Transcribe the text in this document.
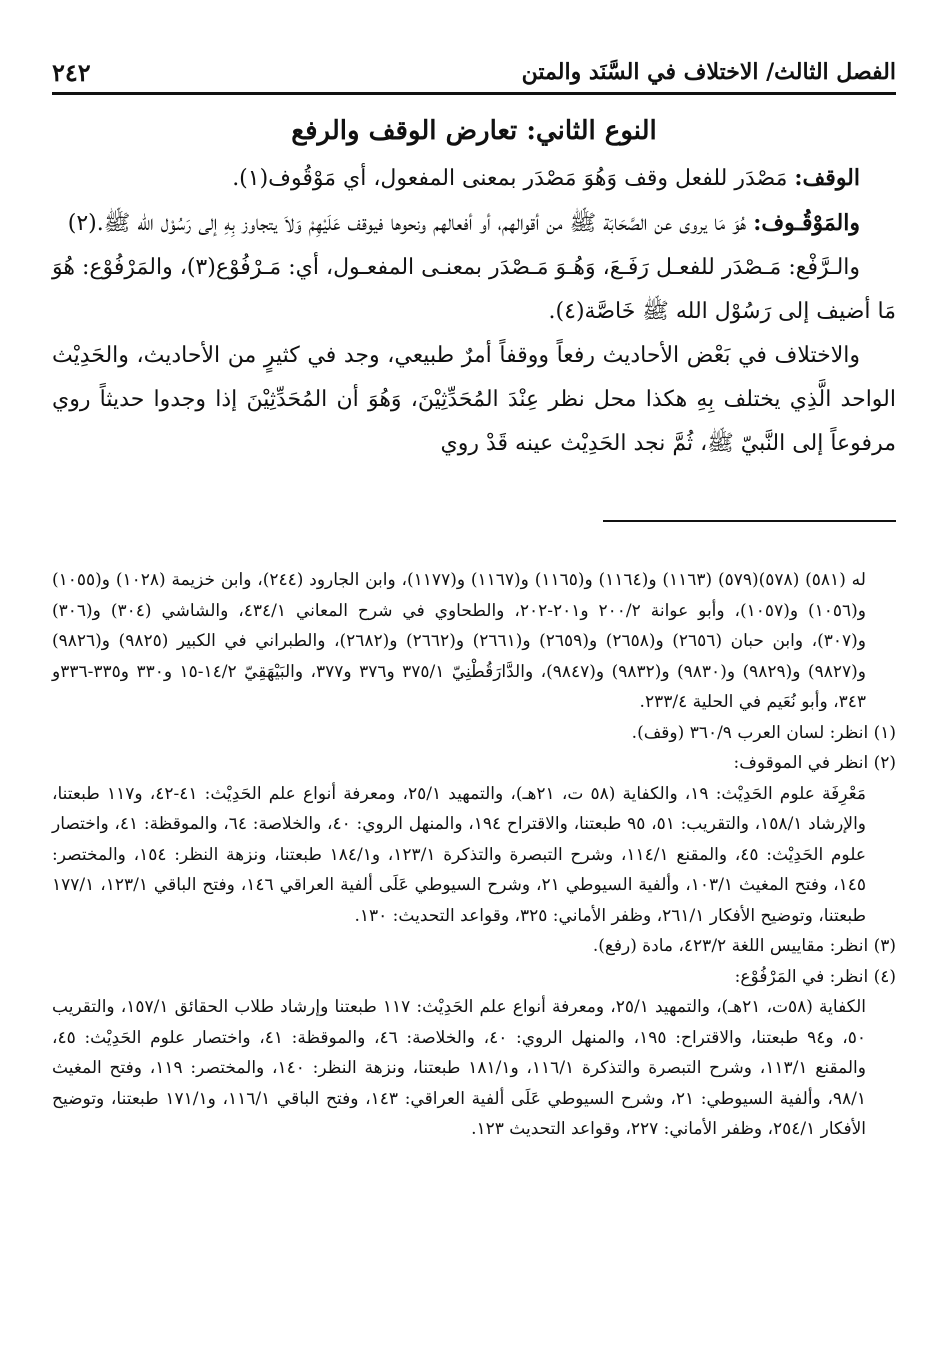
الفصل الثالث/ الاختلاف في السَّنَد والمتن
٢٤٢

النوع الثاني: تعارض الوقف والرفع

الوقف: مَصْدَر للفعل وقف وَهُوَ مَصْدَر بمعنى المفعول، أي مَوْقُوف(١).

والمَوْقُـوف: هُوَ مَا يروى عن الصَّحَابَة ﷺ من أقوالهم، أو أفعالهم ونحوها فيوقف عَلَيْهِمْ وَلاَ يتجاوز بِهِ إلى رَسُوْل الله ﷺ.(٢)

والـرَّفْع: مَـصْدَر للفعـل رَفَـعَ، وَهُـوَ مَـصْدَر بمعنـى المفعـول، أي: مَـرْفُوْع(٣)، والمَرْفُوْع: هُوَ مَا أضيف إلى رَسُوْل الله ﷺ خَاصَّة(٤).

والاختلاف في بَعْض الأحاديث رفعاً ووقفاً أمرٌ طبيعي، وجد في كثيرٍ من الأحاديث، والحَدِيْث الواحد الَّذِي يختلف بِهِ هكذا محل نظر عِنْدَ المُحَدِّثِيْنَ، وَهُوَ أن المُحَدِّثِيْنَ إذا وجدوا حديثاً روي مرفوعاً إلى النَّبيّ ﷺ، ثُمَّ نجد الحَدِيْث عينه قَدْ روي

له (٥٨١) (٥٧٨)(٥٧٩) (١١٦٣) و(١١٦٤) و(١١٦٥) و(١١٦٧) و(١١٧٧)، وابن الجارود (٢٤٤)، وابن خزيمة (١٠٢٨) و(١٠٥٥) و(١٠٥٦) و(١٠٥٧)، وأبو عوانة ٢٠٠/٢ و٢٠١-٢٠٢، والطحاوي في شرح المعاني ٤٣٤/١، والشاشي (٣٠٤) و(٣٠٦) و(٣٠٧)، وابن حبان (٢٦٥٦) و(٢٦٥٨) و(٢٦٥٩) و(٢٦٦١) و(٢٦٦٢) و(٢٦٨٢)، والطبراني في الكبير (٩٨٢٥) و(٩٨٢٦) و(٩٨٢٧) و(٩٨٢٩) و(٩٨٣٠) و(٩٨٣٢) و(٩٨٤٧)، والدَّارَقُطْنِيّ ٣٧٥/١ و٣٧٦ و٣٧٧، والبَيْهَقِيّ ١٤/٢-١٥ و٣٣٠ و٣٣٥-٣٣٦و ٣٤٣، وأبو نُعَيم في الحلية ٢٣٣/٤.

(١) انظر: لسان العرب ٣٦٠/٩ (وقف).

(٢) انظر في الموقوف:

مَعْرِفَة علوم الحَدِيْث: ١٩، والكفاية (٥٨ ت، ٢١هـ)، والتمهيد ٢٥/١، ومعرفة أنواع علم الحَدِيْث: ٤١-٤٢، و١١٧ طبعتنا، والإرشاد ١٥٨/١، والتقريب: ٥١، ٩٥ طبعتنا، والاقتراح ١٩٤، والمنهل الروي: ٤٠، والخلاصة: ٦٤، والموقظة: ٤١، واختصار علوم الحَدِيْث: ٤٥، والمقنع ١١٤/١، وشرح التبصرة والتذكرة ١٢٣/١، و١٨٤/١ طبعتنا، ونزهة النظر: ١٥٤، والمختصر: ١٤٥، وفتح المغيث ١٠٣/١، وألفية السيوطي ٢١، وشرح السيوطي عَلَى ألفية العراقي ١٤٦، وفتح الباقي ١٢٣/١، ١٧٧/١ طبعتنا، وتوضيح الأفكار ٢٦١/١، وظفر الأماني: ٣٢٥، وقواعد التحديث: ١٣٠.

(٣) انظر: مقاييس اللغة ٤٢٣/٢، مادة (رفع).

(٤) انظر: في المَرْفُوْع:

الكفاية (٥٨ت، ٢١هـ)، والتمهيد ٢٥/١، ومعرفة أنواع علم الحَدِيْث: ١١٧ طبعتنا وإرشاد طلاب الحقائق ١٥٧/١، والتقريب ٥٠، و٩٤ طبعتنا، والاقتراح: ١٩٥، والمنهل الروي: ٤٠، والخلاصة: ٤٦، والموقظة: ٤١، واختصار علوم الحَدِيْث: ٤٥، والمقنع ١١٣/١، وشرح التبصرة والتذكرة ١١٦/١، و١٨١/١ طبعتنا، ونزهة النظر: ١٤٠، والمختصر: ١١٩، وفتح المغيث ٩٨/١، وألفية السيوطي: ٢١، وشرح السيوطي عَلَى ألفية العراقي: ١٤٣، وفتح الباقي ١١٦/١، و١٧١/١ طبعتنا، وتوضيح الأفكار ٢٥٤/١، وظفر الأماني: ٢٢٧، وقواعد التحديث ١٢٣.
